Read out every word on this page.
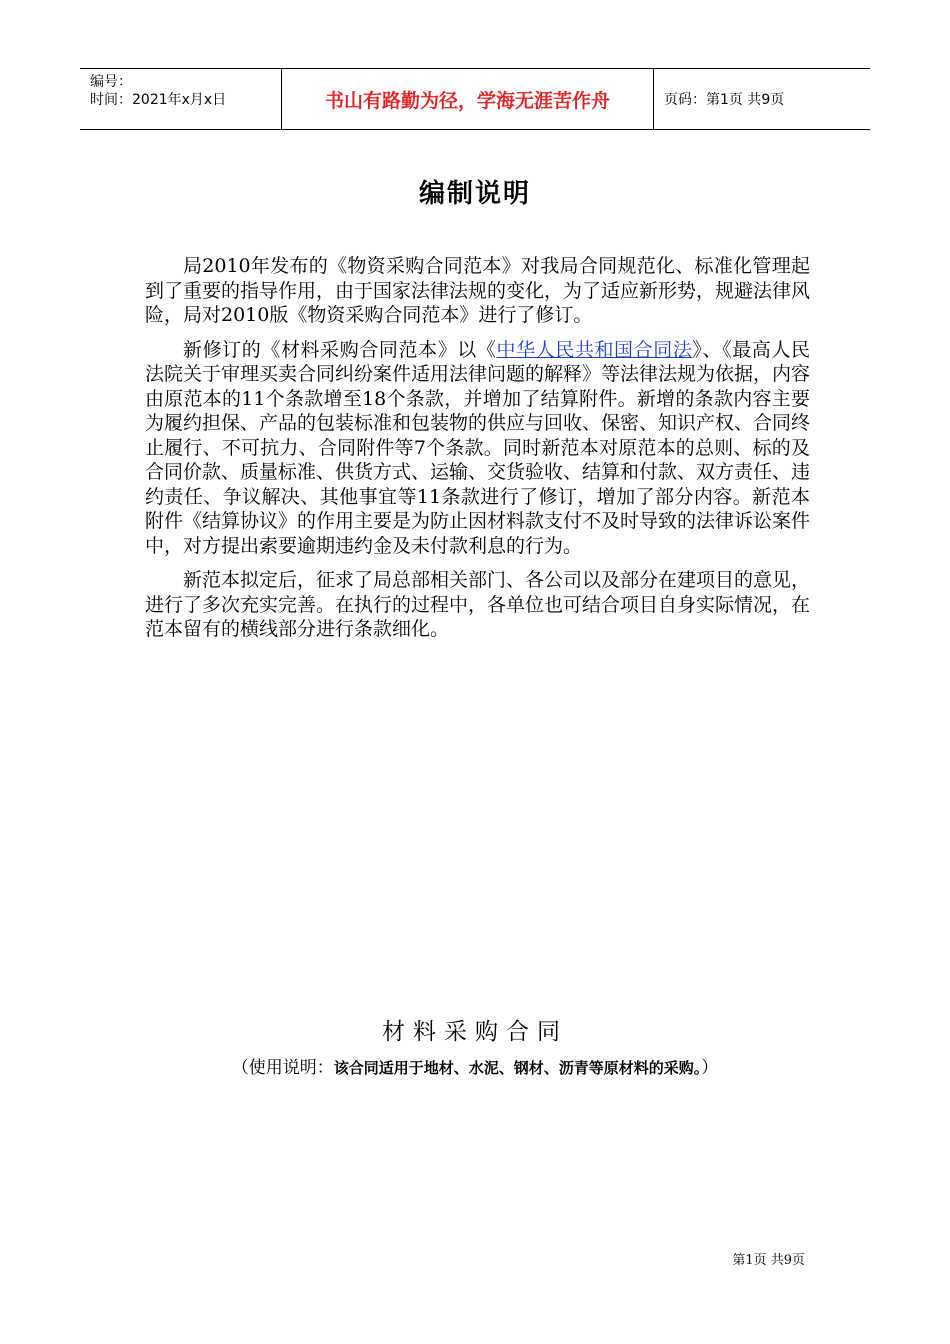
编号：
时间：2021年x月x日	书山有路勤为径，学海无涯苦作舟	页码：第1页 共9页
编制说明

局2010年发布的《物资采购合同范本》对我局合同规范化、标准化管理起到了重要的指导作用，由于国家法律法规的变化，为了适应新形势，规避法律风险，局对2010版《物资采购合同范本》进行了修订。

新修订的《材料采购合同范本》以《中华人民共和国合同法》、《最高人民法院关于审理买卖合同纠纷案件适用法律问题的解释》等法律法规为依据，内容由原范本的11个条款增至18个条款，并增加了结算附件。新增的条款内容主要为履约担保、产品的包装标准和包装物的供应与回收、保密、知识产权、合同终止履行、不可抗力、合同附件等7个条款。同时新范本对原范本的总则、标的及合同价款、质量标准、供货方式、运输、交货验收、结算和付款、双方责任、违约责任、争议解决、其他事宜等11条款进行了修订，增加了部分内容。新范本附件《结算协议》的作用主要是为防止因材料款支付不及时导致的法律诉讼案件中，对方提出索要逾期违约金及未付款利息的行为。

新范本拟定后，征求了局总部相关部门、各公司以及部分在建项目的意见，进行了多次充实完善。在执行的过程中，各单位也可结合项目自身实际情况，在范本留有的横线部分进行条款细化。

材料采购合同
（使用说明：该合同适用于地材、水泥、钢材、沥青等原材料的采购。）
第1页 共9页
